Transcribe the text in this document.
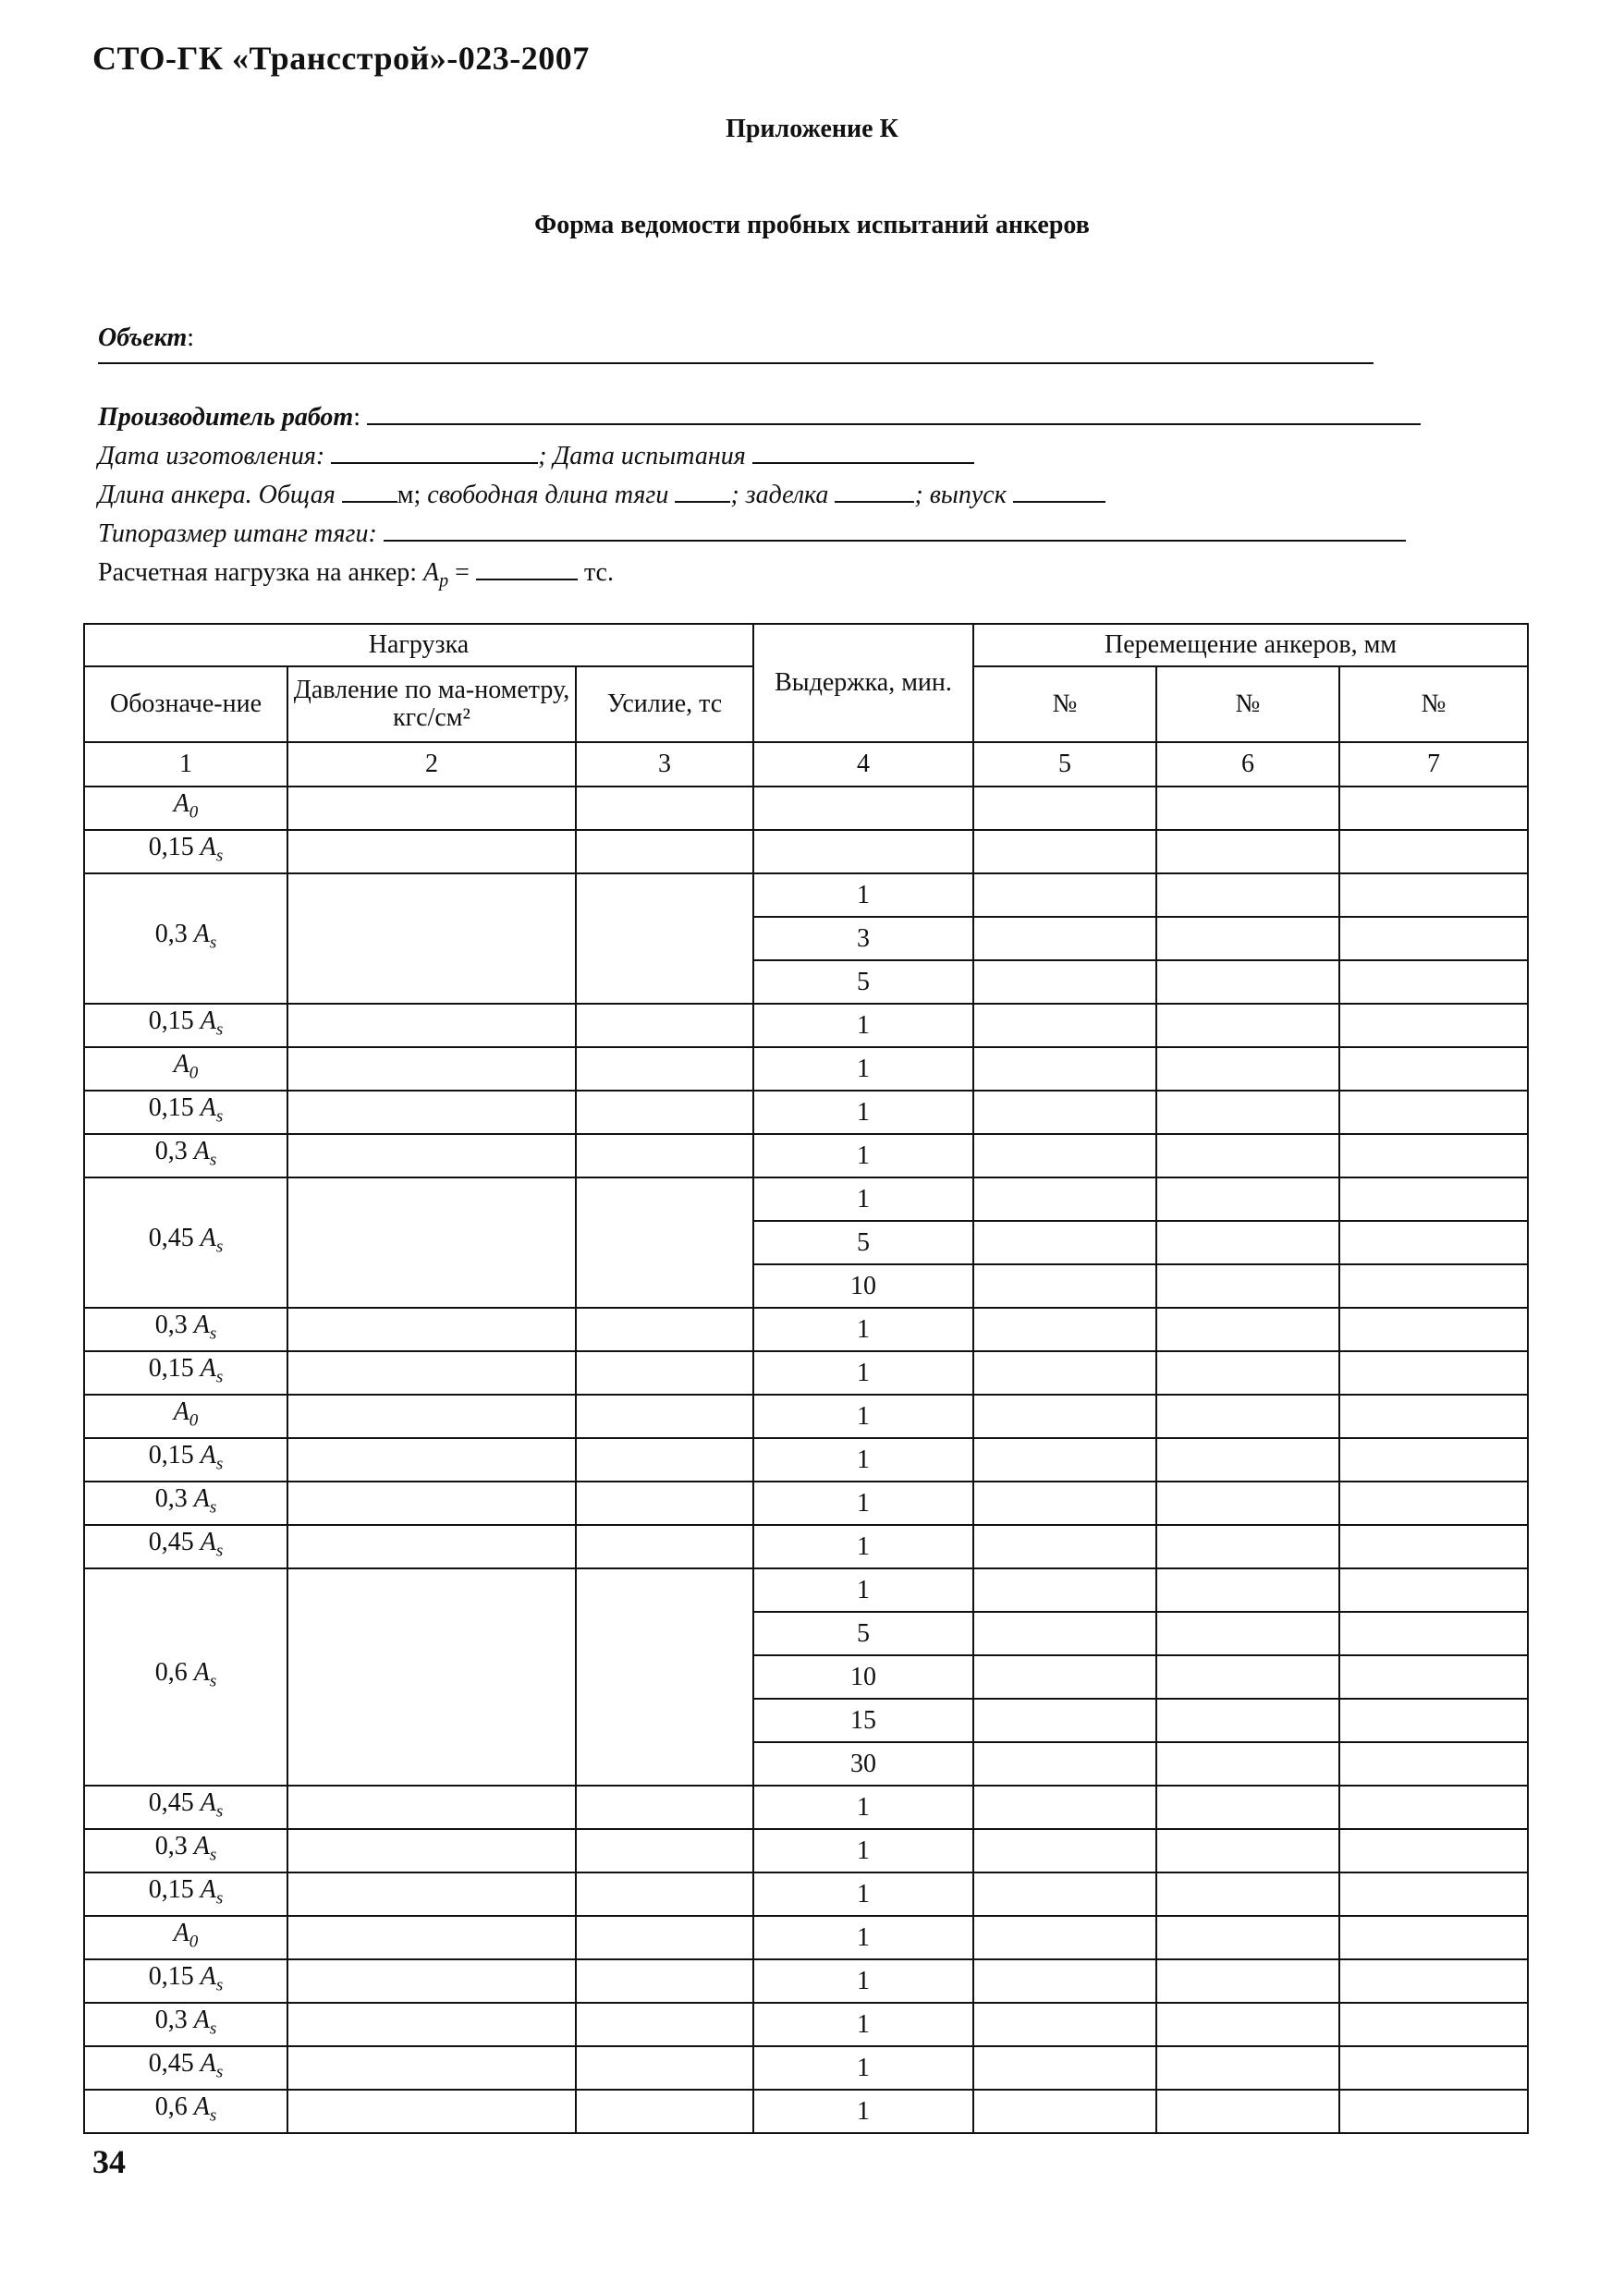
СТО-ГК «Трансстрой»-023-2007
Приложение К
Форма ведомости пробных испытаний анкеров
Объект:
Производитель работ:
Дата изготовления:	; Дата испытания
Длина анкера. Общая м; свободная длина тяги ; заделка	; выпуск
Типоразмер штанг тяги:
Расчетная нагрузка на анкер: $A_p$ =	тс.
Нагрузка			Выдержка, мин.	Перемещение анкеров, мм		
Обозначе-ние	Давление по ма-нометру, кгс/см²	Усилие, тс		№	№	№
1	2	3	4	5	6	7
$A_0$						
0,15 $A_s$						
0,3 $A_s$			1			
			3			
			5			
0,15 $A_s$			1			
$A_0$			1			
0,15 $A_s$			1			
0,3 $A_s$			1			
0,45 $A_s$			1			
			5			
			10			
0,3 $A_s$			1			
0,15 $A_s$			1			
$A_0$			1			
0,15 $A_s$			1			
0,3 $A_s$			1			
0,45 $A_s$			1			
0,6 $A_s$			1			
			5			
			10			
			15			
			30			
0,45 $A_s$			1			
0,3 $A_s$			1			
0,15 $A_s$			1			
$A_0$			1			
0,15 $A_s$			1			
0,3 $A_s$			1			
0,45 $A_s$			1			
0,6 $A_s$			1			
34
